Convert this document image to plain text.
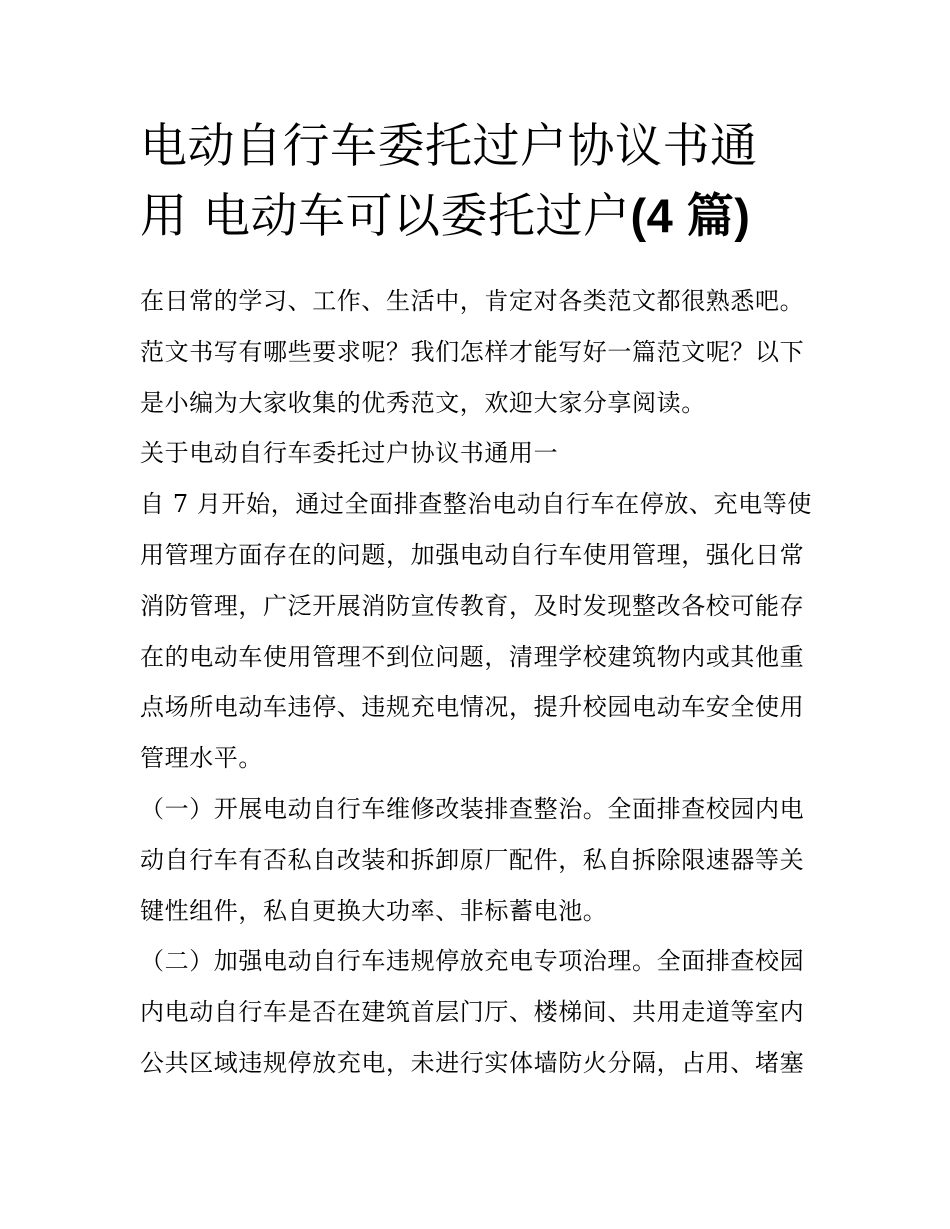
电动自行车委托过户协议书通
用 电动车可以委托过户(4 篇)

在日常的学习、工作、生活中，肯定对各类范文都很熟悉吧。

范文书写有哪些要求呢？我们怎样才能写好一篇范文呢？以下

是小编为大家收集的优秀范文，欢迎大家分享阅读。

关于电动自行车委托过户协议书通用一

自 7 月开始，通过全面排查整治电动自行车在停放、充电等使

用管理方面存在的问题，加强电动自行车使用管理，强化日常

消防管理，广泛开展消防宣传教育，及时发现整改各校可能存

在的电动车使用管理不到位问题，清理学校建筑物内或其他重

点场所电动车违停、违规充电情况，提升校园电动车安全使用

管理水平。

（一）开展电动自行车维修改装排查整治。全面排查校园内电

动自行车有否私自改装和拆卸原厂配件，私自拆除限速器等关

键性组件，私自更换大功率、非标蓄电池。

（二）加强电动自行车违规停放充电专项治理。全面排查校园

内电动自行车是否在建筑首层门厅、楼梯间、共用走道等室内

公共区域违规停放充电，未进行实体墙防火分隔，占用、堵塞
